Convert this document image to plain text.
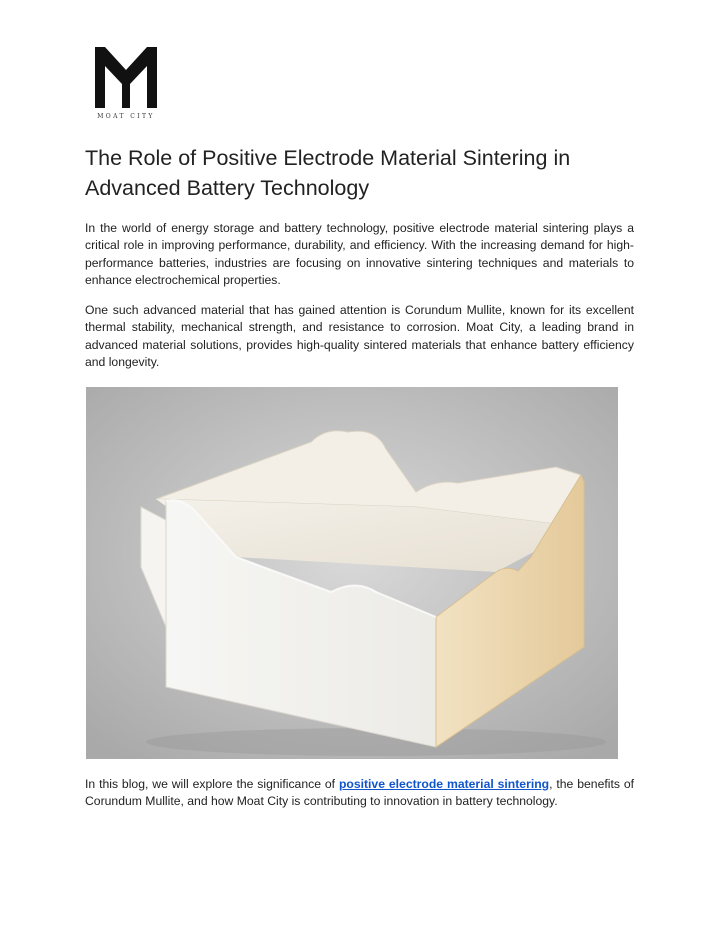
MOAT CITY
The Role of Positive Electrode Material Sintering in Advanced Battery Technology

In the world of energy storage and battery technology, positive electrode material sintering plays a critical role in improving performance, durability, and efficiency. With the increasing demand for high-performance batteries, industries are focusing on innovative sintering techniques and materials to enhance electrochemical properties.

One such advanced material that has gained attention is Corundum Mullite, known for its excellent thermal stability, mechanical strength, and resistance to corrosion. Moat City, a leading brand in advanced material solutions, provides high-quality sintered materials that enhance battery efficiency and longevity.

In this blog, we will explore the significance of positive electrode material sintering, the benefits of Corundum Mullite, and how Moat City is contributing to innovation in battery technology.
